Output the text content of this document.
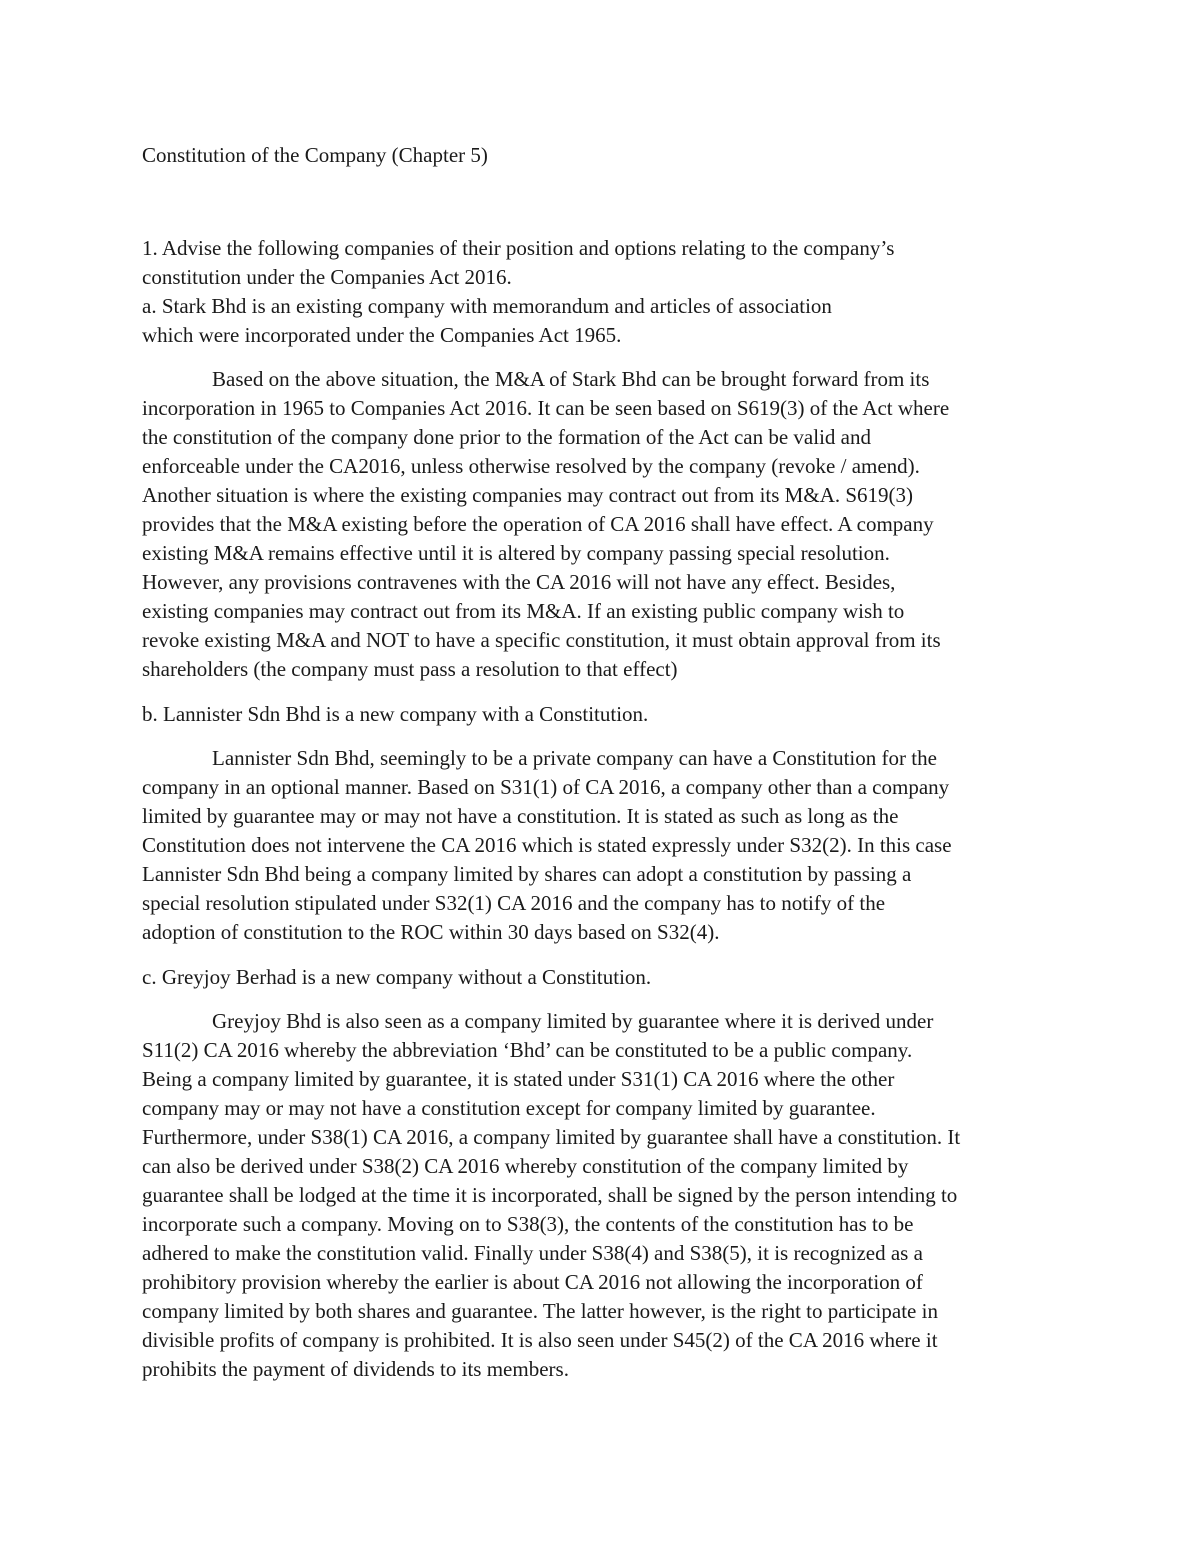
Constitution of the Company (Chapter 5)
1. Advise the following companies of their position and options relating to the company’s
constitution under the Companies Act 2016.
a. Stark Bhd is an existing company with memorandum and articles of association
which were incorporated under the Companies Act 1965.

Based on the above situation, the M&A of Stark Bhd can be brought forward from its
incorporation in 1965 to Companies Act 2016. It can be seen based on S619(3) of the Act where
the constitution of the company done prior to the formation of the Act can be valid and
enforceable under the CA2016, unless otherwise resolved by the company (revoke / amend).
Another situation is where the existing companies may contract out from its M&A. S619(3)
provides that the M&A existing before the operation of CA 2016 shall have effect. A company
existing M&A remains effective until it is altered by company passing special resolution.
However, any provisions contravenes with the CA 2016 will not have any effect. Besides,
existing companies may contract out from its M&A. If an existing public company wish to
revoke existing M&A and NOT to have a specific constitution, it must obtain approval from its
shareholders (the company must pass a resolution to that effect)

b. Lannister Sdn Bhd is a new company with a Constitution.

Lannister Sdn Bhd, seemingly to be a private company can have a Constitution for the
company in an optional manner. Based on S31(1) of CA 2016, a company other than a company
limited by guarantee may or may not have a constitution. It is stated as such as long as the
Constitution does not intervene the CA 2016 which is stated expressly under S32(2). In this case
Lannister Sdn Bhd being a company limited by shares can adopt a constitution by passing a
special resolution stipulated under S32(1) CA 2016 and the company has to notify of the
adoption of constitution to the ROC within 30 days based on S32(4).

c. Greyjoy Berhad is a new company without a Constitution.

Greyjoy Bhd is also seen as a company limited by guarantee where it is derived under
S11(2) CA 2016 whereby the abbreviation ‘Bhd’ can be constituted to be a public company.
Being a company limited by guarantee, it is stated under S31(1) CA 2016 where the other
company may or may not have a constitution except for company limited by guarantee.
Furthermore, under S38(1) CA 2016, a company limited by guarantee shall have a constitution. It
can also be derived under S38(2) CA 2016 whereby constitution of the company limited by
guarantee shall be lodged at the time it is incorporated, shall be signed by the person intending to
incorporate such a company. Moving on to S38(3), the contents of the constitution has to be
adhered to make the constitution valid. Finally under S38(4) and S38(5), it is recognized as a
prohibitory provision whereby the earlier is about CA 2016 not allowing the incorporation of
company limited by both shares and guarantee. The latter however, is the right to participate in
divisible profits of company is prohibited. It is also seen under S45(2) of the CA 2016 where it
prohibits the payment of dividends to its members.
